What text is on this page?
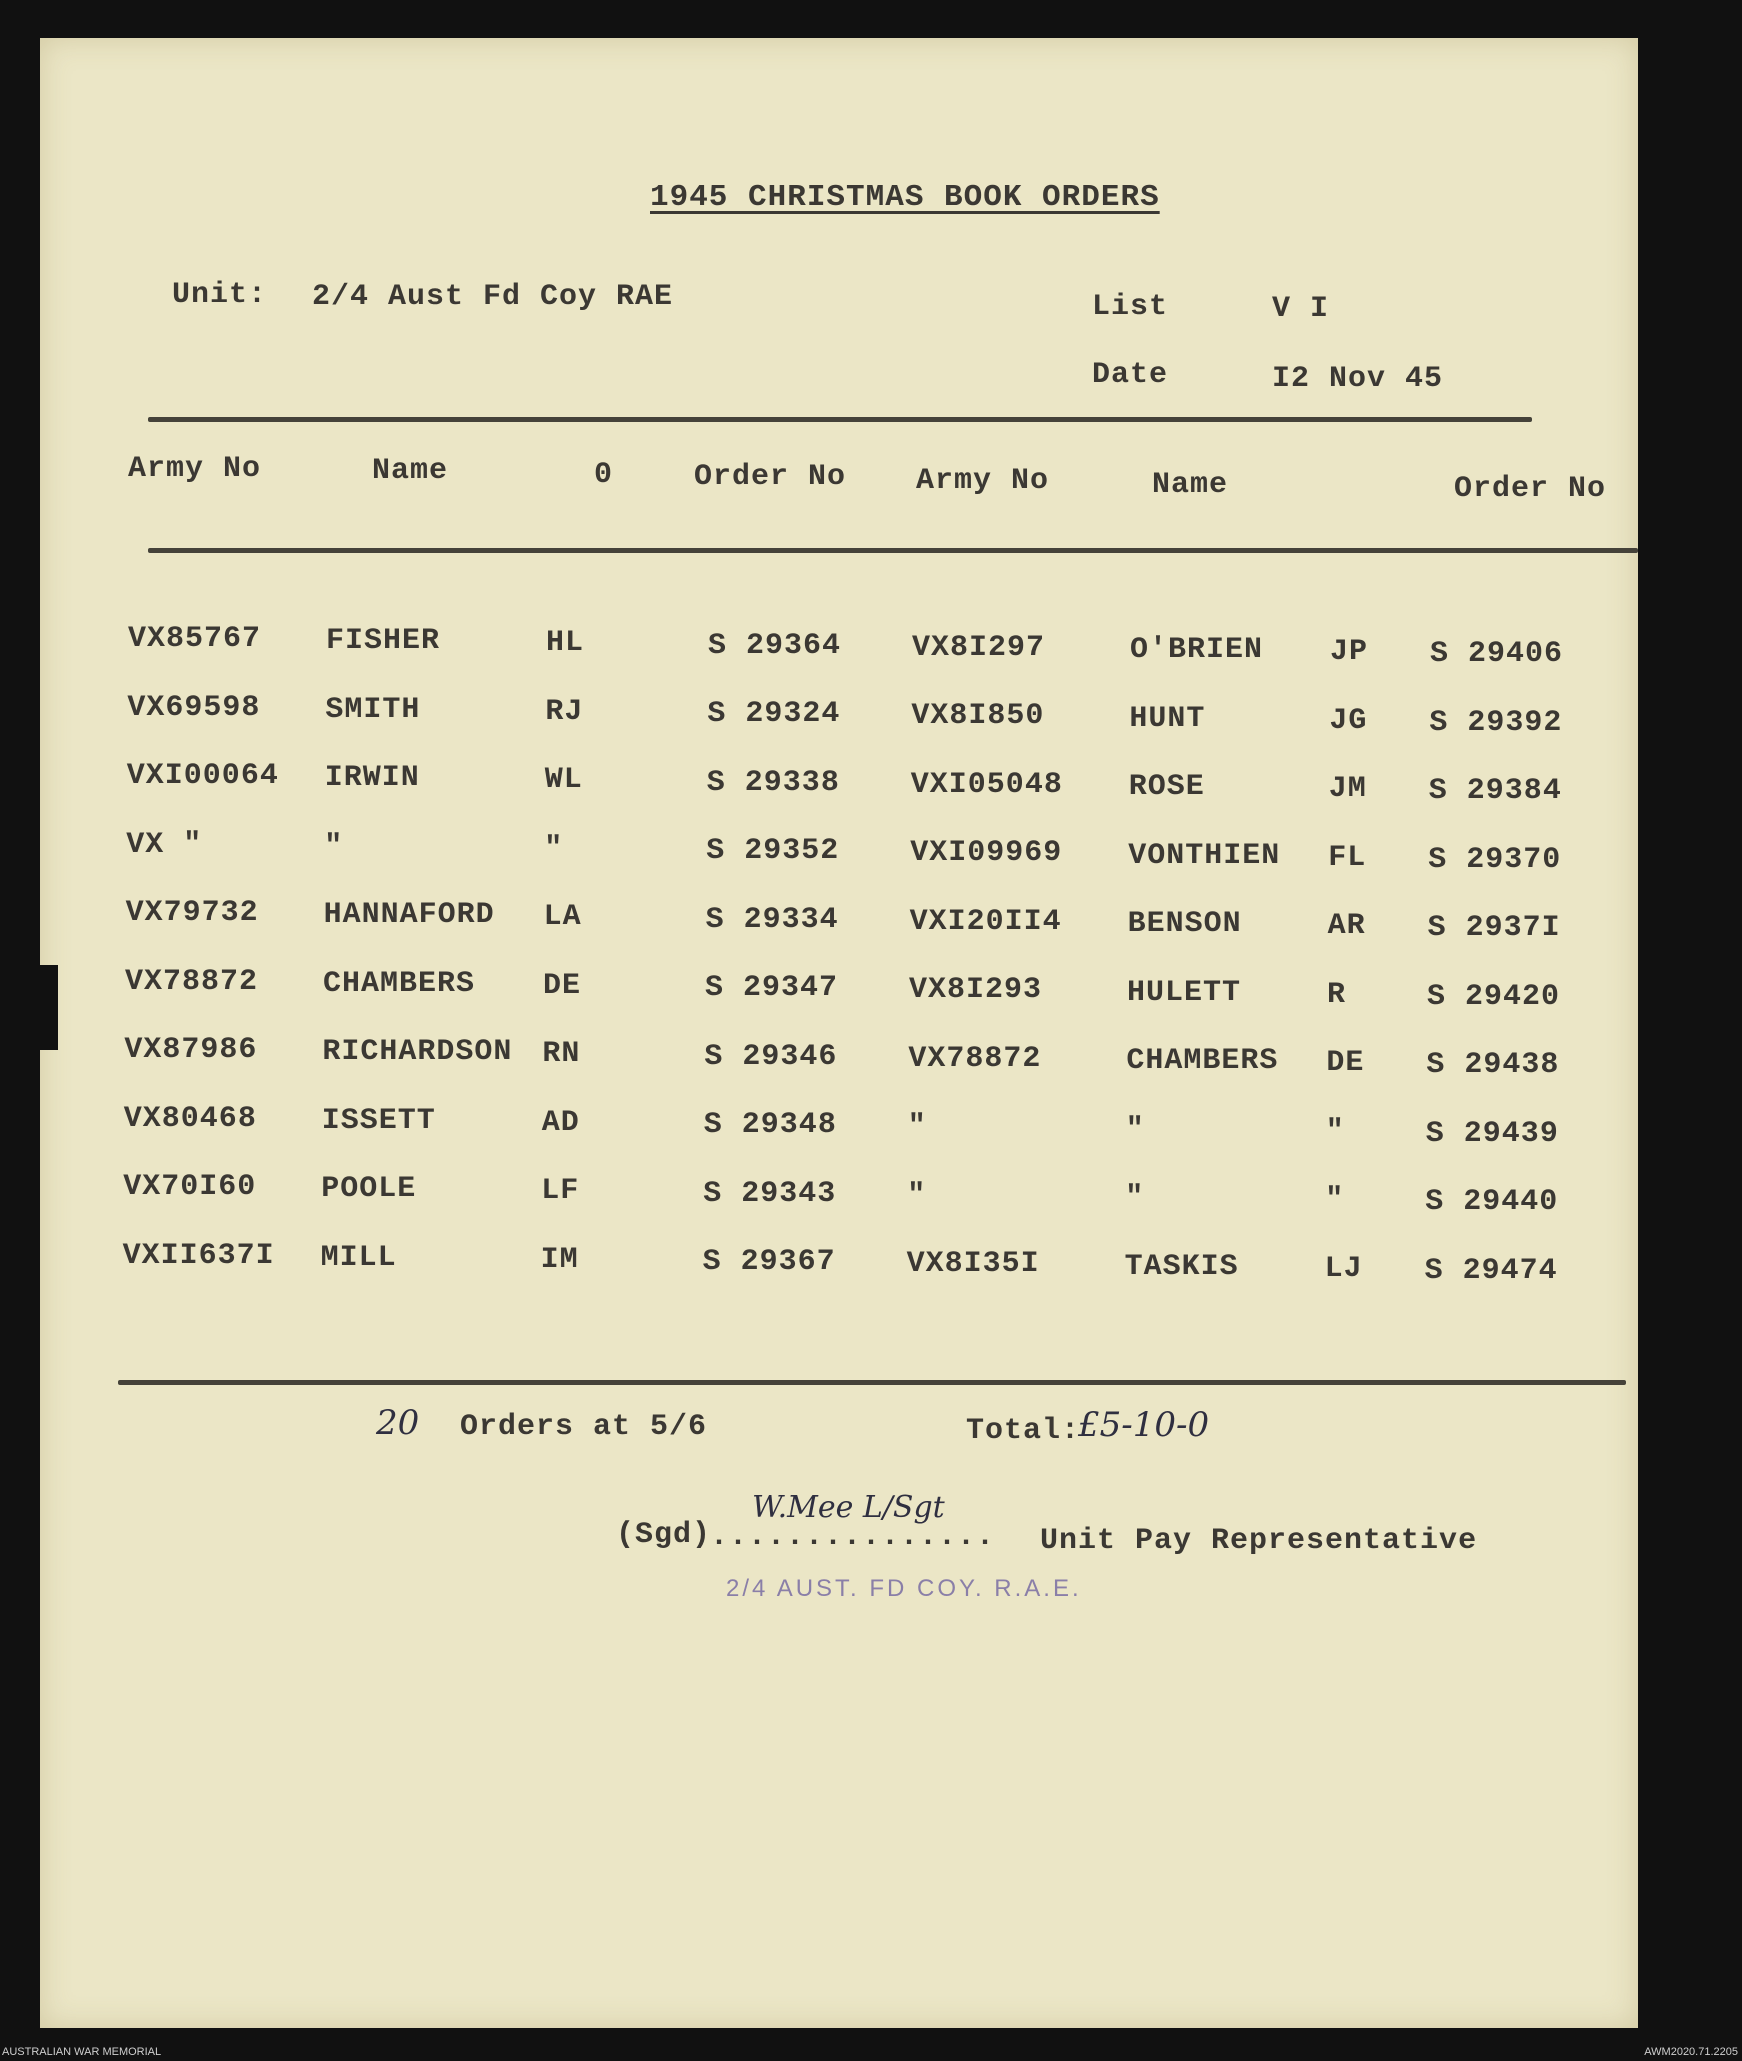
1945 CHRISTMAS BOOK ORDERS
Unit: 2/4 Aust Fd Coy RAE	List	V I
Date	I2 Nov 45
Army No	Name	0	Order No Army No	Name	Order No
VX85767 FISHER	HL	S 29364 VX8I297	O'BRIEN JP S 29406
VX69598 SMITH	RJ	S 29324 VX8I850	HUNT	JG S 29392
VXI00064 IRWIN	WL	S 29338 VXI05048 ROSE	JM S 29384
VX "	"	"	S 29352 VXI09969 VONTHIEN FL S 29370
VX79732 HANNAFORD LA	S 29334 VXI20II4 BENSON	AR S 2937I
VX78872 CHAMBERS DE	S 29347 VX8I293	HULETT	R	S 29420
VX87986 RICHARDSON RN	S 29346 VX78872	CHAMBERS DE S 29438
VX80468 ISSETT	AD	S 29348 "	"	"	S 29439
VX70I60 POOLE	LF	S 29343 "	"	"	S 29440
VXII637I MILL	IM	S 29367 VX8I35I	TASKIS	LJ S 29474
20 Orders at 5/6	Total:
£5-10-0
(Sgd)
...............
W.Mee L/Sgt
Unit Pay Representative
2/4 AUST. FD COY. R.A.E.
AUSTRALIAN WAR MEMORIAL	AWM2020.71.2205
